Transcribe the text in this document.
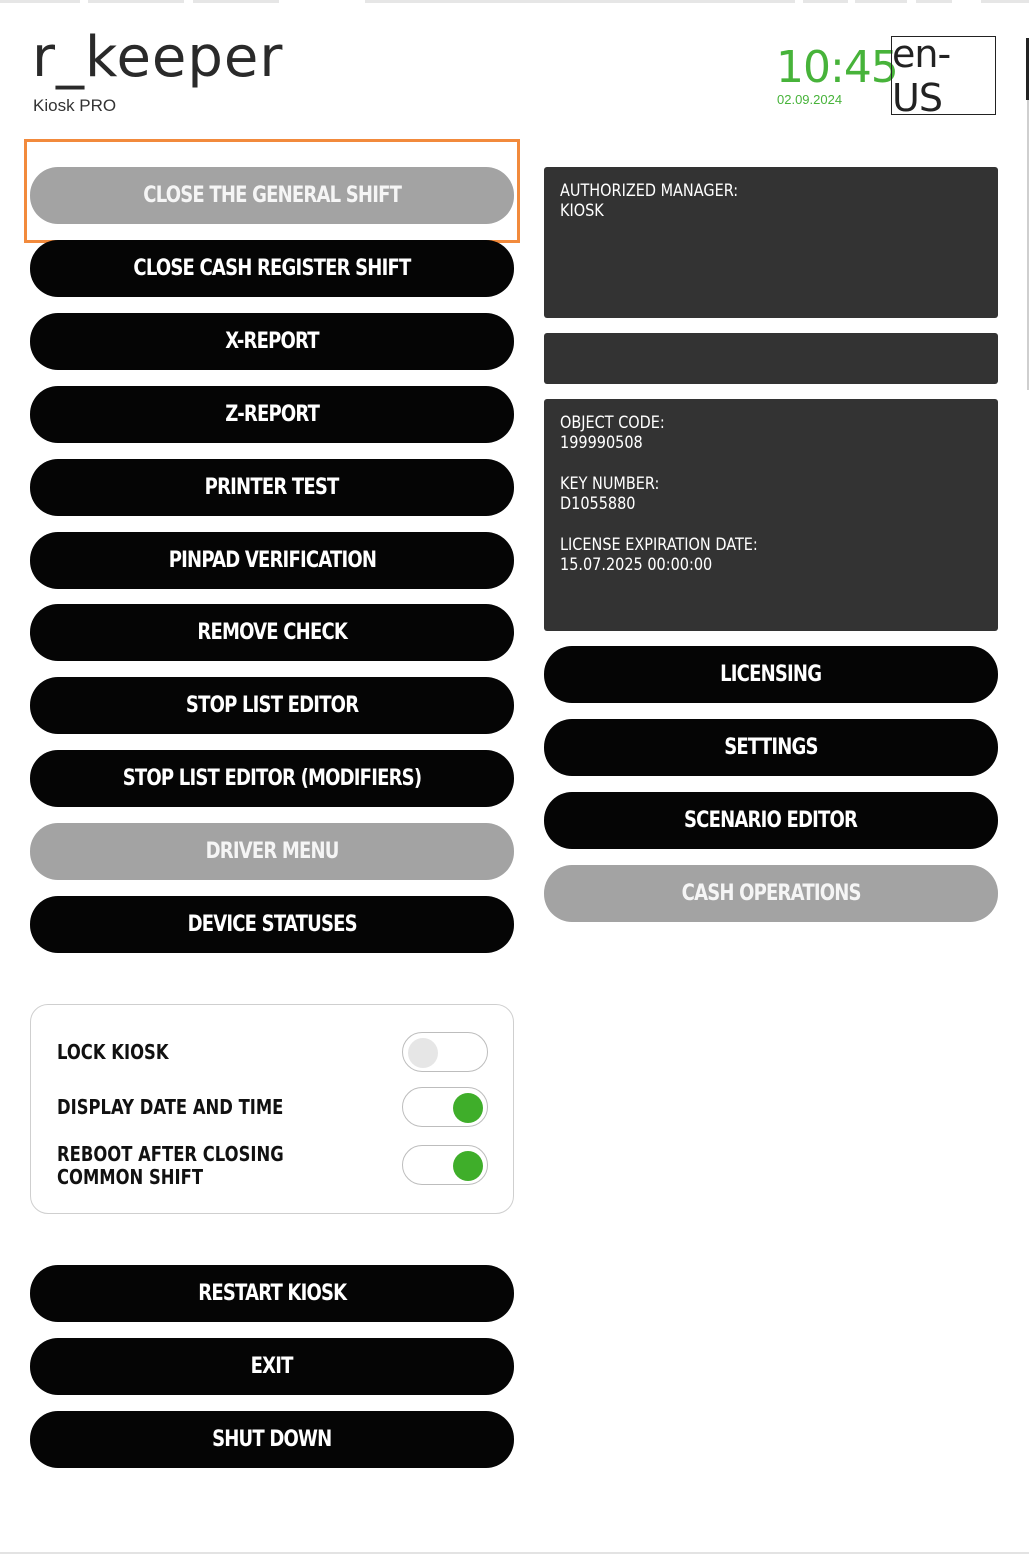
r_keeper
Kiosk PRO
10:45
02.09.2024
en-US
CLOSE THE GENERAL SHIFT
CLOSE CASH REGISTER SHIFT
X-REPORT
Z-REPORT
PRINTER TEST
PINPAD VERIFICATION
REMOVE CHECK
STOP LIST EDITOR
STOP LIST EDITOR (MODIFIERS)
DRIVER MENU
DEVICE STATUSES
AUTHORIZED MANAGER:
KIOSK
OBJECT CODE:
199990508
KEY NUMBER:
D1055880
LICENSE EXPIRATION DATE:
15.07.2025 00:00:00
LICENSING
SETTINGS
SCENARIO EDITOR
CASH OPERATIONS
LOCK KIOSK
DISPLAY DATE AND TIME
REBOOT AFTER CLOSING COMMON SHIFT
RESTART KIOSK
EXIT
SHUT DOWN
